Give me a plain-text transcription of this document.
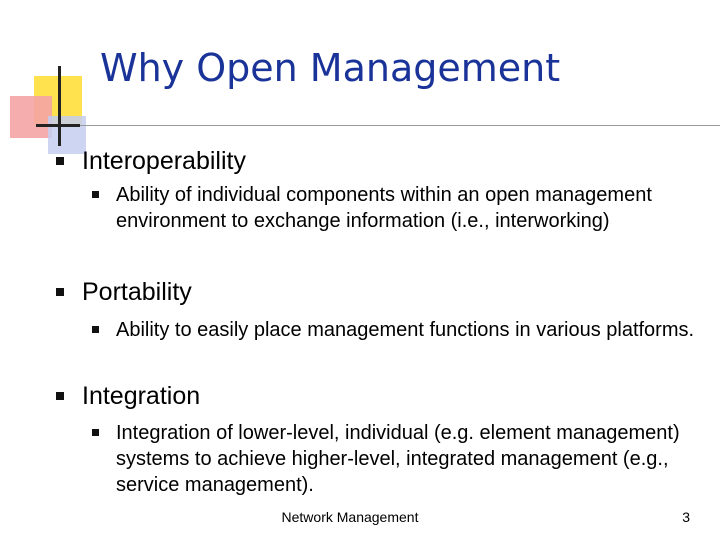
Why Open Management
Interoperability
Ability of individual components within an open management environment to exchange information (i.e., interworking)
Portability
Ability to easily place management functions in various platforms.
Integration
Integration of lower-level, individual (e.g. element management) systems to achieve higher-level, integrated management (e.g., service management).
Network Management	3
